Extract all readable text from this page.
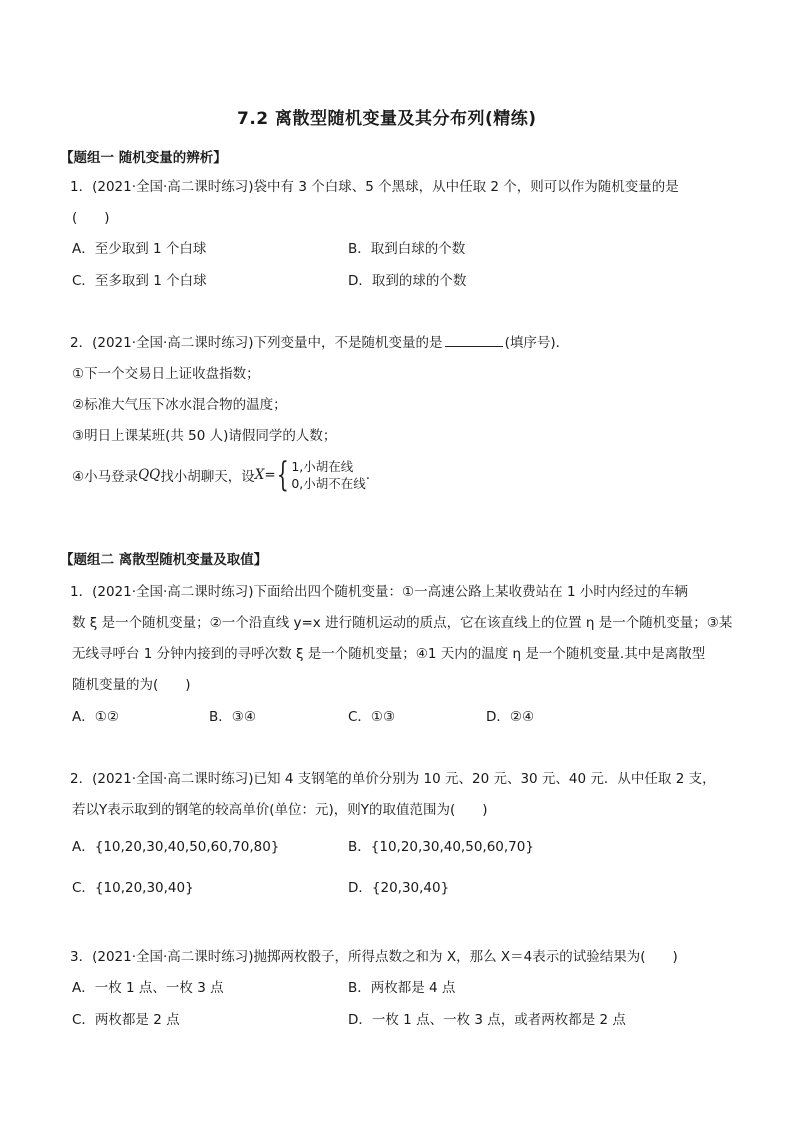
7.2 离散型随机变量及其分布列(精练)
【题组一 随机变量的辨析】
1．(2021·全国·高二课时练习)袋中有 3 个白球、5 个黑球，从中任取 2 个，则可以作为随机变量的是
(　　)
A．至少取到 1 个白球	B．取到白球的个数
C．至多取到 1 个白球	D．取到的球的个数
2．(2021·全国·高二课时练习)下列变量中，不是随机变量的是	(填序号)．
①下一个交易日上证收盘指数；
②标准大气压下冰水混合物的温度；
③明日上课某班(共 50 人)请假同学的人数；
④小马登录 QQ 找小胡聊天，设 X = { 1,小胡在线
0,小胡不在线
.
【题组二 离散型随机变量及取值】
1．(2021·全国·高二课时练习)下面给出四个随机变量：①一高速公路上某收费站在 1 小时内经过的车辆
数 ξ 是一个随机变量；②一个沿直线 y=x 进行随机运动的质点，它在该直线上的位置 η 是一个随机变量；③某
无线寻呼台 1 分钟内接到的寻呼次数 ξ 是一个随机变量；④1 天内的温度 η 是一个随机变量.其中是离散型
随机变量的为(　　)
A．①②	B．③④	C．①③	D．②④
2．(2021·全国·高二课时练习)已知 4 支钢笔的单价分别为 10 元、20 元、30 元、40 元．从中任取 2 支，
若以Y表示取到的钢笔的较高单价(单位：元)，则Y的取值范围为(　　)
A．{10,20,30,40,50,60,70,80}	B．{10,20,30,40,50,60,70}
C．{10,20,30,40}	D．{20,30,40}
3．(2021·全国·高二课时练习)抛掷两枚骰子，所得点数之和为 X，那么 X＝4表示的试验结果为(　　)
A．一枚 1 点、一枚 3 点	B．两枚都是 4 点
C．两枚都是 2 点	D．一枚 1 点、一枚 3 点，或者两枚都是 2 点
